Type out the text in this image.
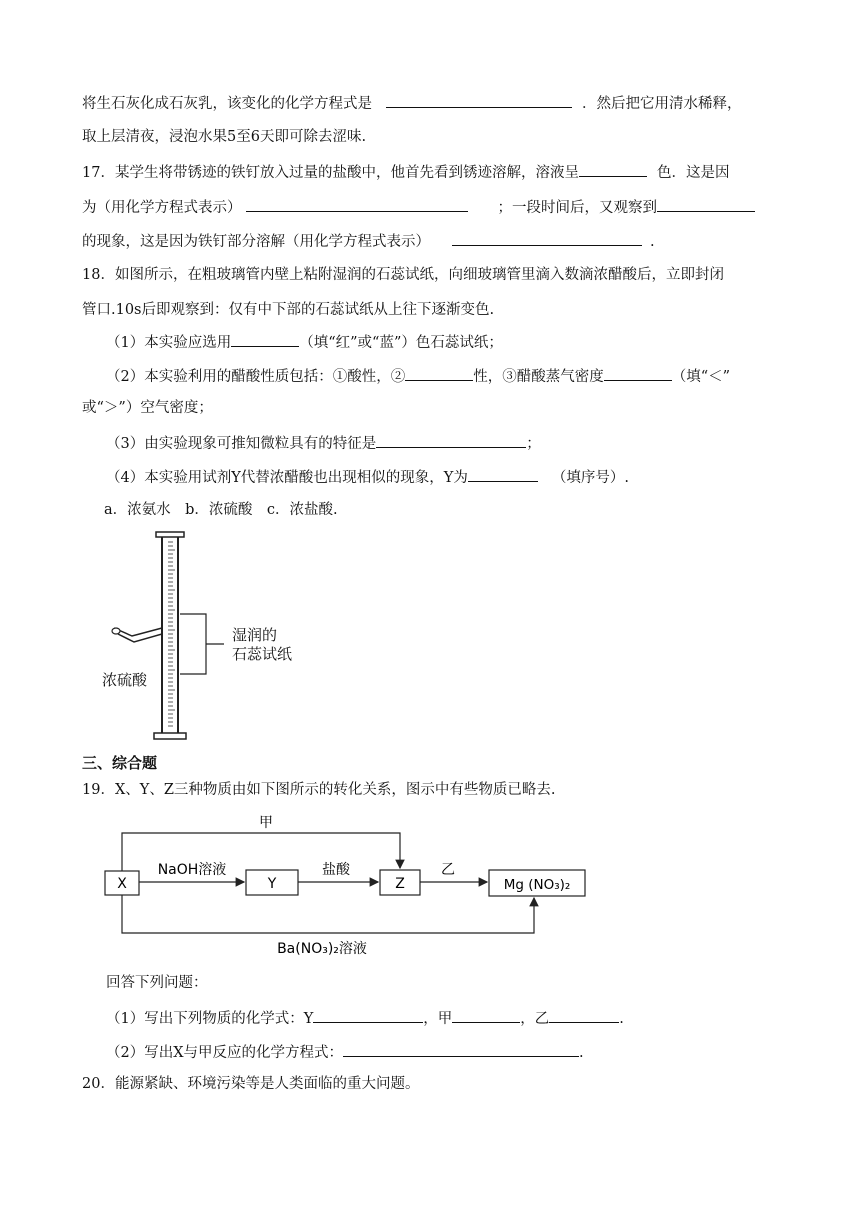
将生石灰化成石灰乳，该变化的化学方程式是	．然后把它用清水稀释，
取上层清夜，浸泡水果5至6天即可除去涩味.
17．某学生将带锈迹的铁钉放入过量的盐酸中，他首先看到锈迹溶解，溶液呈	色．这是因
为（用化学方程式表示）	；一段时间后，又观察到
的现象，这是因为铁钉部分溶解（用化学方程式表示）	.
18．如图所示，在粗玻璃管内壁上粘附湿润的石蕊试纸，向细玻璃管里滴入数滴浓醋酸后，立即封闭
管口.10s后即观察到：仅有中下部的石蕊试纸从上往下逐渐变色.
（1）本实验应选用	（填“红”或“蓝”）色石蕊试纸；
（2）本实验利用的醋酸性质包括：①酸性，②	性，③醋酸蒸气密度	（填“＜”
或“＞”）空气密度；
（3）由实验现象可推知微粒具有的特征是	；
（4）本实验用试剂Y代替浓醋酸也出现相似的现象，Y为	（填序号）.
a．浓氨水　b．浓硫酸　c．浓盐酸.
湿润的
石蕊试纸
浓硫酸
三、综合题
19．X、Y、Z三种物质由如下图所示的转化关系，图示中有些物质已略去.
X	Y	Z	Mg (NO₃)₂
NaOH溶液	盐酸	乙
甲
Ba(NO₃)₂溶液
回答下列问题：
（1）写出下列物质的化学式：Y	，甲	，乙	.
（2）写出X与甲反应的化学方程式：	.
20．能源紧缺、环境污染等是人类面临的重大问题。
